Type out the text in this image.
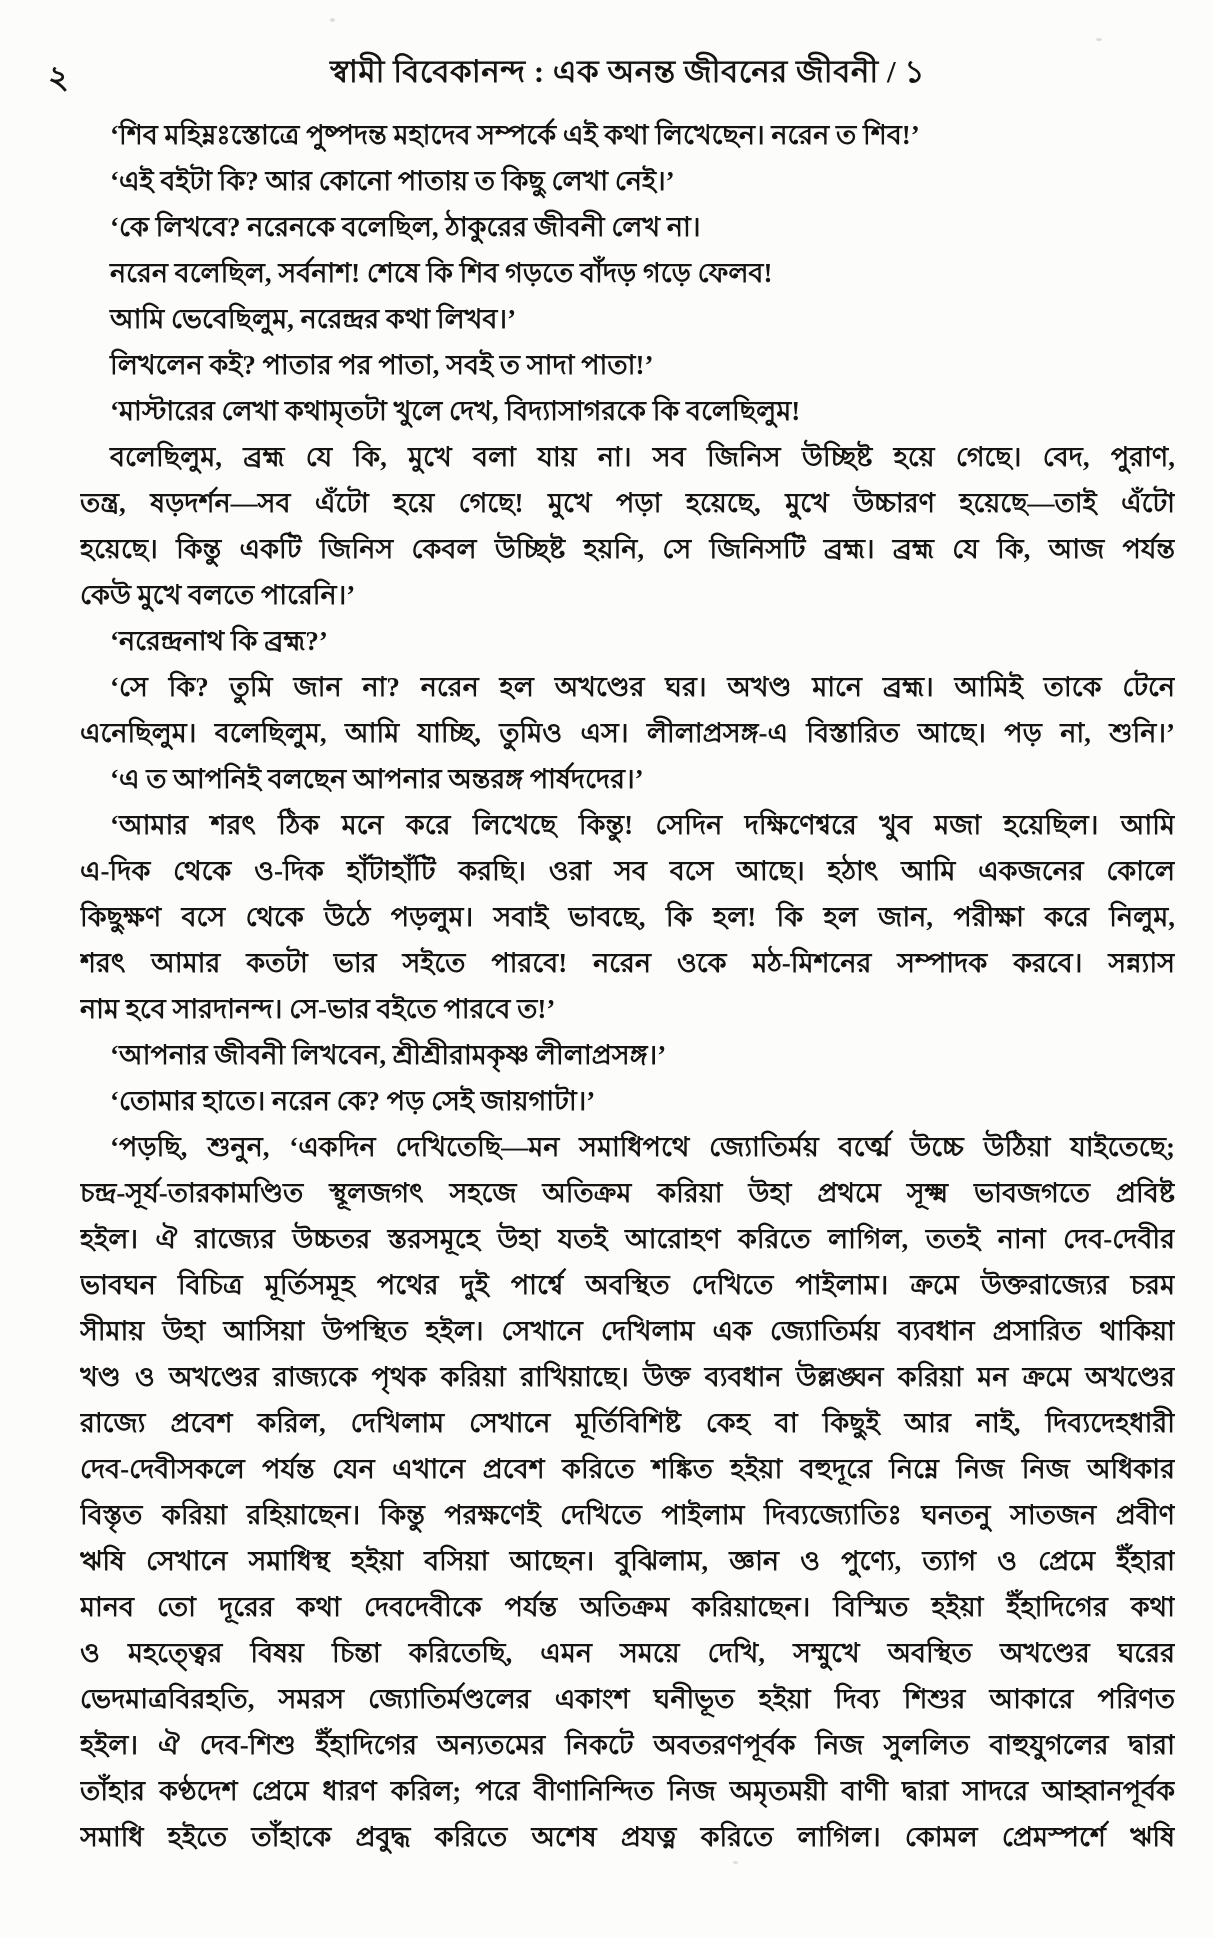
২	স্বামী বিবেকানন্দ : এক অনন্ত জীবনের জীবনী / ১
‘শিব মহিম্নঃস্তোত্রে পুষ্পদন্ত মহাদেব সম্পর্কে এই কথা লিখেছেন। নরেন ত শিব!’
‘এই বইটা কি? আর কোনো পাতায় ত কিছু লেখা নেই।’
‘কে লিখবে? নরেনকে বলেছিল, ঠাকুরের জীবনী লেখ না।
নরেন বলেছিল, সর্বনাশ! শেষে কি শিব গড়তে বাঁদড় গড়ে ফেলব!
আমি ভেবেছিলুম, নরেন্দ্রর কথা লিখব।’
লিখলেন কই? পাতার পর পাতা, সবই ত সাদা পাতা!’
‘মাস্টারের লেখা কথামৃতটা খুলে দেখ, বিদ্যাসাগরকে কি বলেছিলুম!
বলেছিলুম, ব্রহ্ম যে কি, মুখে বলা যায় না। সব জিনিস উচ্ছিষ্ট হয়ে গেছে। বেদ, পুরাণ,
তন্ত্র, ষড়দর্শন—সব এঁটো হয়ে গেছে! মুখে পড়া হয়েছে, মুখে উচ্চারণ হয়েছে—তাই এঁটো
হয়েছে। কিন্তু একটি জিনিস কেবল উচ্ছিষ্ট হয়নি, সে জিনিসটি ব্রহ্ম। ব্রহ্ম যে কি, আজ পর্যন্ত
কেউ মুখে বলতে পারেনি।’
‘নরেন্দ্রনাথ কি ব্রহ্ম?’
‘সে কি? তুমি জান না? নরেন হল অখণ্ডের ঘর। অখণ্ড মানে ব্রহ্ম। আমিই তাকে টেনে
এনেছিলুম। বলেছিলুম, আমি যাচ্ছি, তুমিও এস। লীলাপ্রসঙ্গ-এ বিস্তারিত আছে। পড় না, শুনি।’
‘এ ত আপনিই বলছেন আপনার অন্তরঙ্গ পার্ষদদের।’
‘আমার শরৎ ঠিক মনে করে লিখেছে কিন্তু! সেদিন দক্ষিণেশ্বরে খুব মজা হয়েছিল। আমি
এ-দিক থেকে ও-দিক হাঁটাহাঁটি করছি। ওরা সব বসে আছে। হঠাৎ আমি একজনের কোলে
কিছুক্ষণ বসে থেকে উঠে পড়লুম। সবাই ভাবছে, কি হল! কি হল জান, পরীক্ষা করে নিলুম,
শরৎ আমার কতটা ভার সইতে পারবে! নরেন ওকে মঠ-মিশনের সম্পাদক করবে। সন্ন্যাস
নাম হবে সারদানন্দ। সে-ভার বইতে পারবে ত!’
‘আপনার জীবনী লিখবেন, শ্রীশ্রীরামকৃষ্ণ লীলাপ্রসঙ্গ।’
‘তোমার হাতে। নরেন কে? পড় সেই জায়গাটা।’
‘পড়ছি, শুনুন, ‘একদিন দেখিতেছি—মন সমাধিপথে জ্যোতির্ময় বর্ত্মে উচ্চে উঠিয়া যাইতেছে;
চন্দ্র-সূর্য-তারকামণ্ডিত স্থূলজগৎ সহজে অতিক্রম করিয়া উহা প্রথমে সূক্ষ্ম ভাবজগতে প্রবিষ্ট
হইল। ঐ রাজ্যের উচ্চতর স্তরসমূহে উহা যতই আরোহণ করিতে লাগিল, ততই নানা দেব-দেবীর
ভাবঘন বিচিত্র মূর্তিসমূহ পথের দুই পার্শ্বে অবস্থিত দেখিতে পাইলাম। ক্রমে উক্তরাজ্যের চরম
সীমায় উহা আসিয়া উপস্থিত হইল। সেখানে দেখিলাম এক জ্যোতির্ময় ব্যবধান প্রসারিত থাকিয়া
খণ্ড ও অখণ্ডের রাজ্যকে পৃথক করিয়া রাখিয়াছে। উক্ত ব্যবধান উল্লঙ্ঘন করিয়া মন ক্রমে অখণ্ডের
রাজ্যে প্রবেশ করিল, দেখিলাম সেখানে মূর্তিবিশিষ্ট কেহ বা কিছুই আর নাই, দিব্যদেহধারী
দেব-দেবীসকলে পর্যন্ত যেন এখানে প্রবেশ করিতে শঙ্কিত হইয়া বহুদূরে নিম্নে নিজ নিজ অধিকার
বিস্তৃত করিয়া রহিয়াছেন। কিন্তু পরক্ষণেই দেখিতে পাইলাম দিব্যজ্যোতিঃ ঘনতনু সাতজন প্রবীণ
ঋষি সেখানে সমাধিস্থ হইয়া বসিয়া আছেন। বুঝিলাম, জ্ঞান ও পুণ্যে, ত্যাগ ও প্রেমে ইঁহারা
মানব তো দূরের কথা দেবদেবীকে পর্যন্ত অতিক্রম করিয়াছেন। বিস্মিত হইয়া ইঁহাদিগের কথা
ও মহত্ত্বের বিষয় চিন্তা করিতেছি, এমন সময়ে দেখি, সম্মুখে অবস্থিত অখণ্ডের ঘরের
ভেদমাত্রবিরহতি, সমরস জ্যোতির্মণ্ডলের একাংশ ঘনীভূত হইয়া দিব্য শিশুর আকারে পরিণত
হইল। ঐ দেব-শিশু ইঁহাদিগের অন্যতমের নিকটে অবতরণপূর্বক নিজ সুললিত বাহুযুগলের দ্বারা
তাঁহার কণ্ঠদেশ প্রেমে ধারণ করিল; পরে বীণানিন্দিত নিজ অমৃতময়ী বাণী দ্বারা সাদরে আহ্বানপূর্বক
সমাধি হইতে তাঁহাকে প্রবুদ্ধ করিতে অশেষ প্রযত্ন করিতে লাগিল। কোমল প্রেমস্পর্শে ঋষি
